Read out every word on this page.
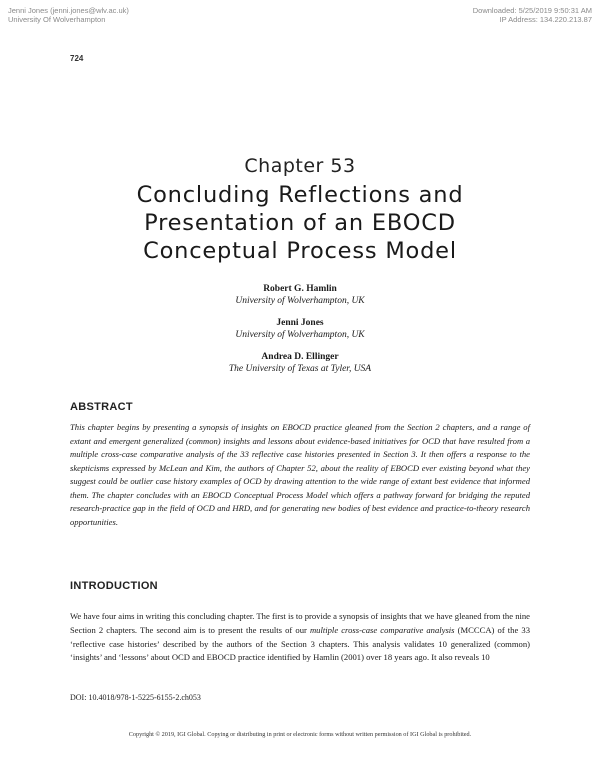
Jenni Jones (jenni.jones@wlv.ac.uk)
University Of Wolverhampton
Downloaded: 5/25/2019 9:50:31 AM
IP Address: 134.220.213.87
724
Chapter 53
Concluding Reflections and
Presentation of an EBOCD
Conceptual Process Model
Robert G. Hamlin
University of Wolverhampton, UK
Jenni Jones
University of Wolverhampton, UK
Andrea D. Ellinger
The University of Texas at Tyler, USA
ABSTRACT
This chapter begins by presenting a synopsis of insights on EBOCD practice gleaned from the Section 2 chapters, and a range of extant and emergent generalized (common) insights and lessons about evidence-based initiatives for OCD that have resulted from a multiple cross-case comparative analysis of the 33 reflective case histories presented in Section 3. It then offers a response to the skepticisms expressed by McLean and Kim, the authors of Chapter 52, about the reality of EBOCD ever existing beyond what they suggest could be outlier case history examples of OCD by drawing attention to the wide range of extant best evidence that informed them. The chapter concludes with an EBOCD Conceptual Process Model which offers a pathway forward for bridging the reputed research-practice gap in the field of OCD and HRD, and for generating new bodies of best evidence and practice-to-theory research opportunities.
INTRODUCTION
We have four aims in writing this concluding chapter. The first is to provide a synopsis of insights that we have gleaned from the nine Section 2 chapters. The second aim is to present the results of our multiple cross-case comparative analysis (MCCCA) of the 33 ‘reflective case histories’ described by the authors of the Section 3 chapters. This analysis validates 10 generalized (common) ‘insights’ and ‘lessons’ about OCD and EBOCD practice identified by Hamlin (2001) over 18 years ago. It also reveals 10
DOI: 10.4018/978-1-5225-6155-2.ch053
Copyright © 2019, IGI Global. Copying or distributing in print or electronic forms without written permission of IGI Global is prohibited.
